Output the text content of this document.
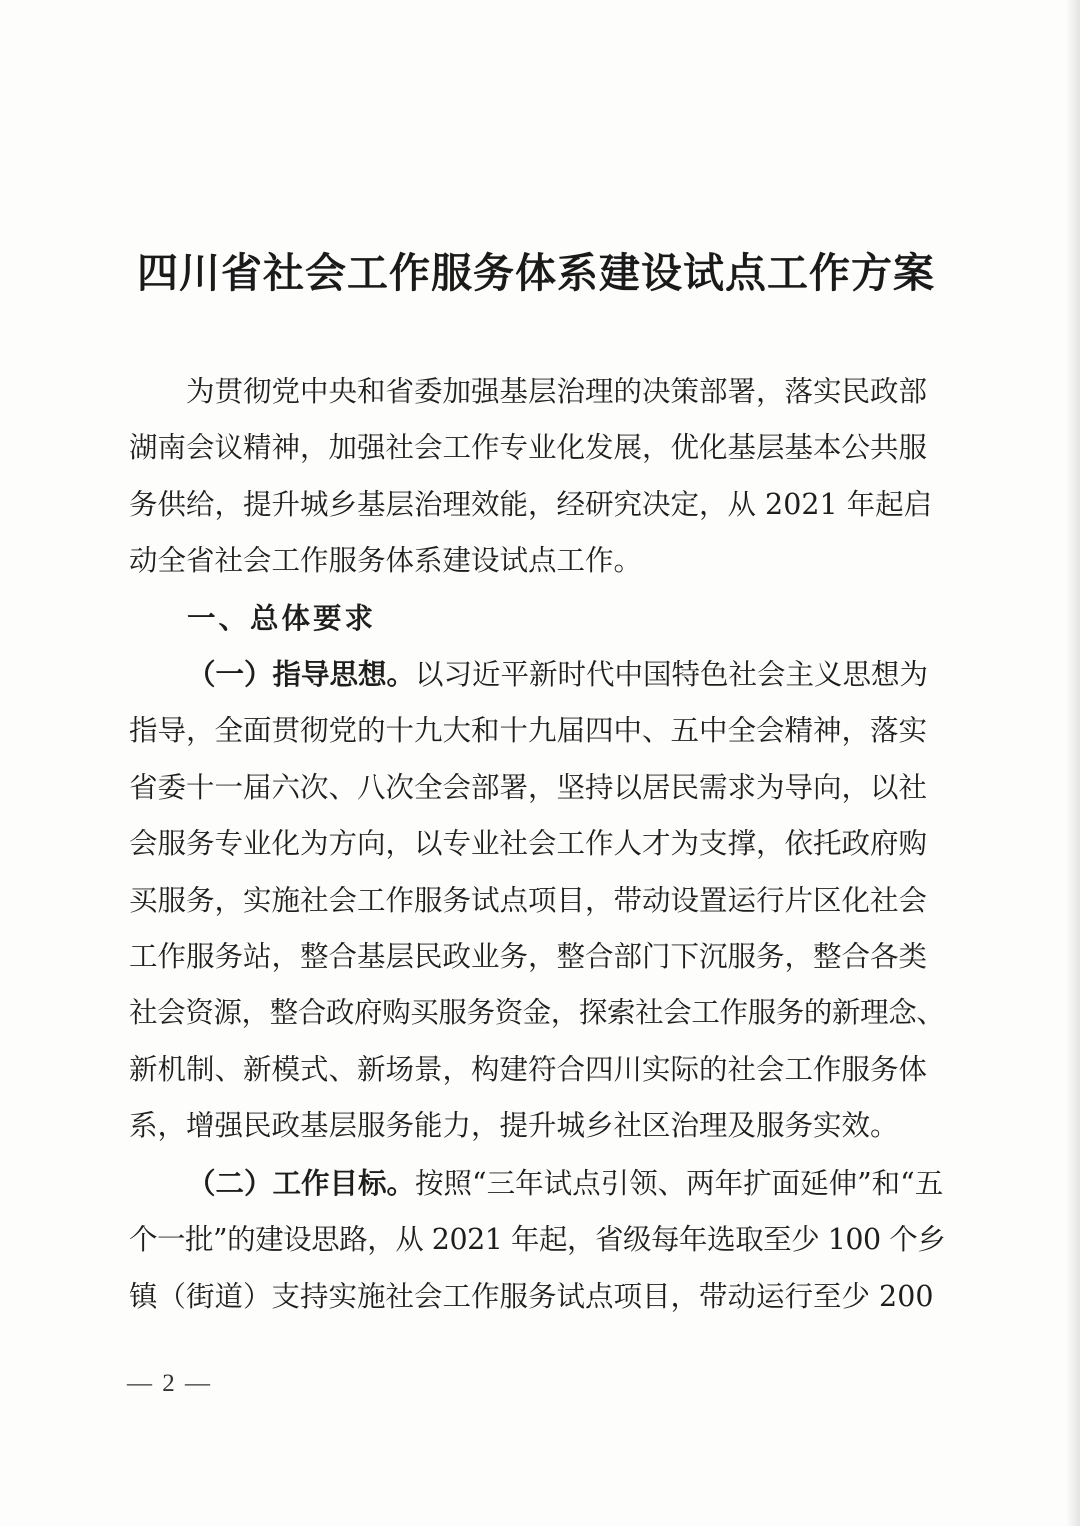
四川省社会工作服务体系建设试点工作方案

为贯彻党中央和省委加强基层治理的决策部署，落实民政部
湖南会议精神，加强社会工作专业化发展，优化基层基本公共服
务供给，提升城乡基层治理效能，经研究决定，从 2021 年起启
动全省社会工作服务体系建设试点工作。

一、总体要求

（一）指导思想。以习近平新时代中国特色社会主义思想为
指导，全面贯彻党的十九大和十九届四中、五中全会精神，落实
省委十一届六次、八次全会部署，坚持以居民需求为导向，以社
会服务专业化为方向，以专业社会工作人才为支撑，依托政府购
买服务，实施社会工作服务试点项目，带动设置运行片区化社会
工作服务站，整合基层民政业务，整合部门下沉服务，整合各类
社会资源，整合政府购买服务资金，探索社会工作服务的新理念、
新机制、新模式、新场景，构建符合四川实际的社会工作服务体
系，增强民政基层服务能力，提升城乡社区治理及服务实效。

（二）工作目标。按照“三年试点引领、两年扩面延伸”和“五
个一批”的建设思路，从 2021 年起，省级每年选取至少 100 个乡
镇（街道）支持实施社会工作服务试点项目，带动运行至少 200

— 2 —
